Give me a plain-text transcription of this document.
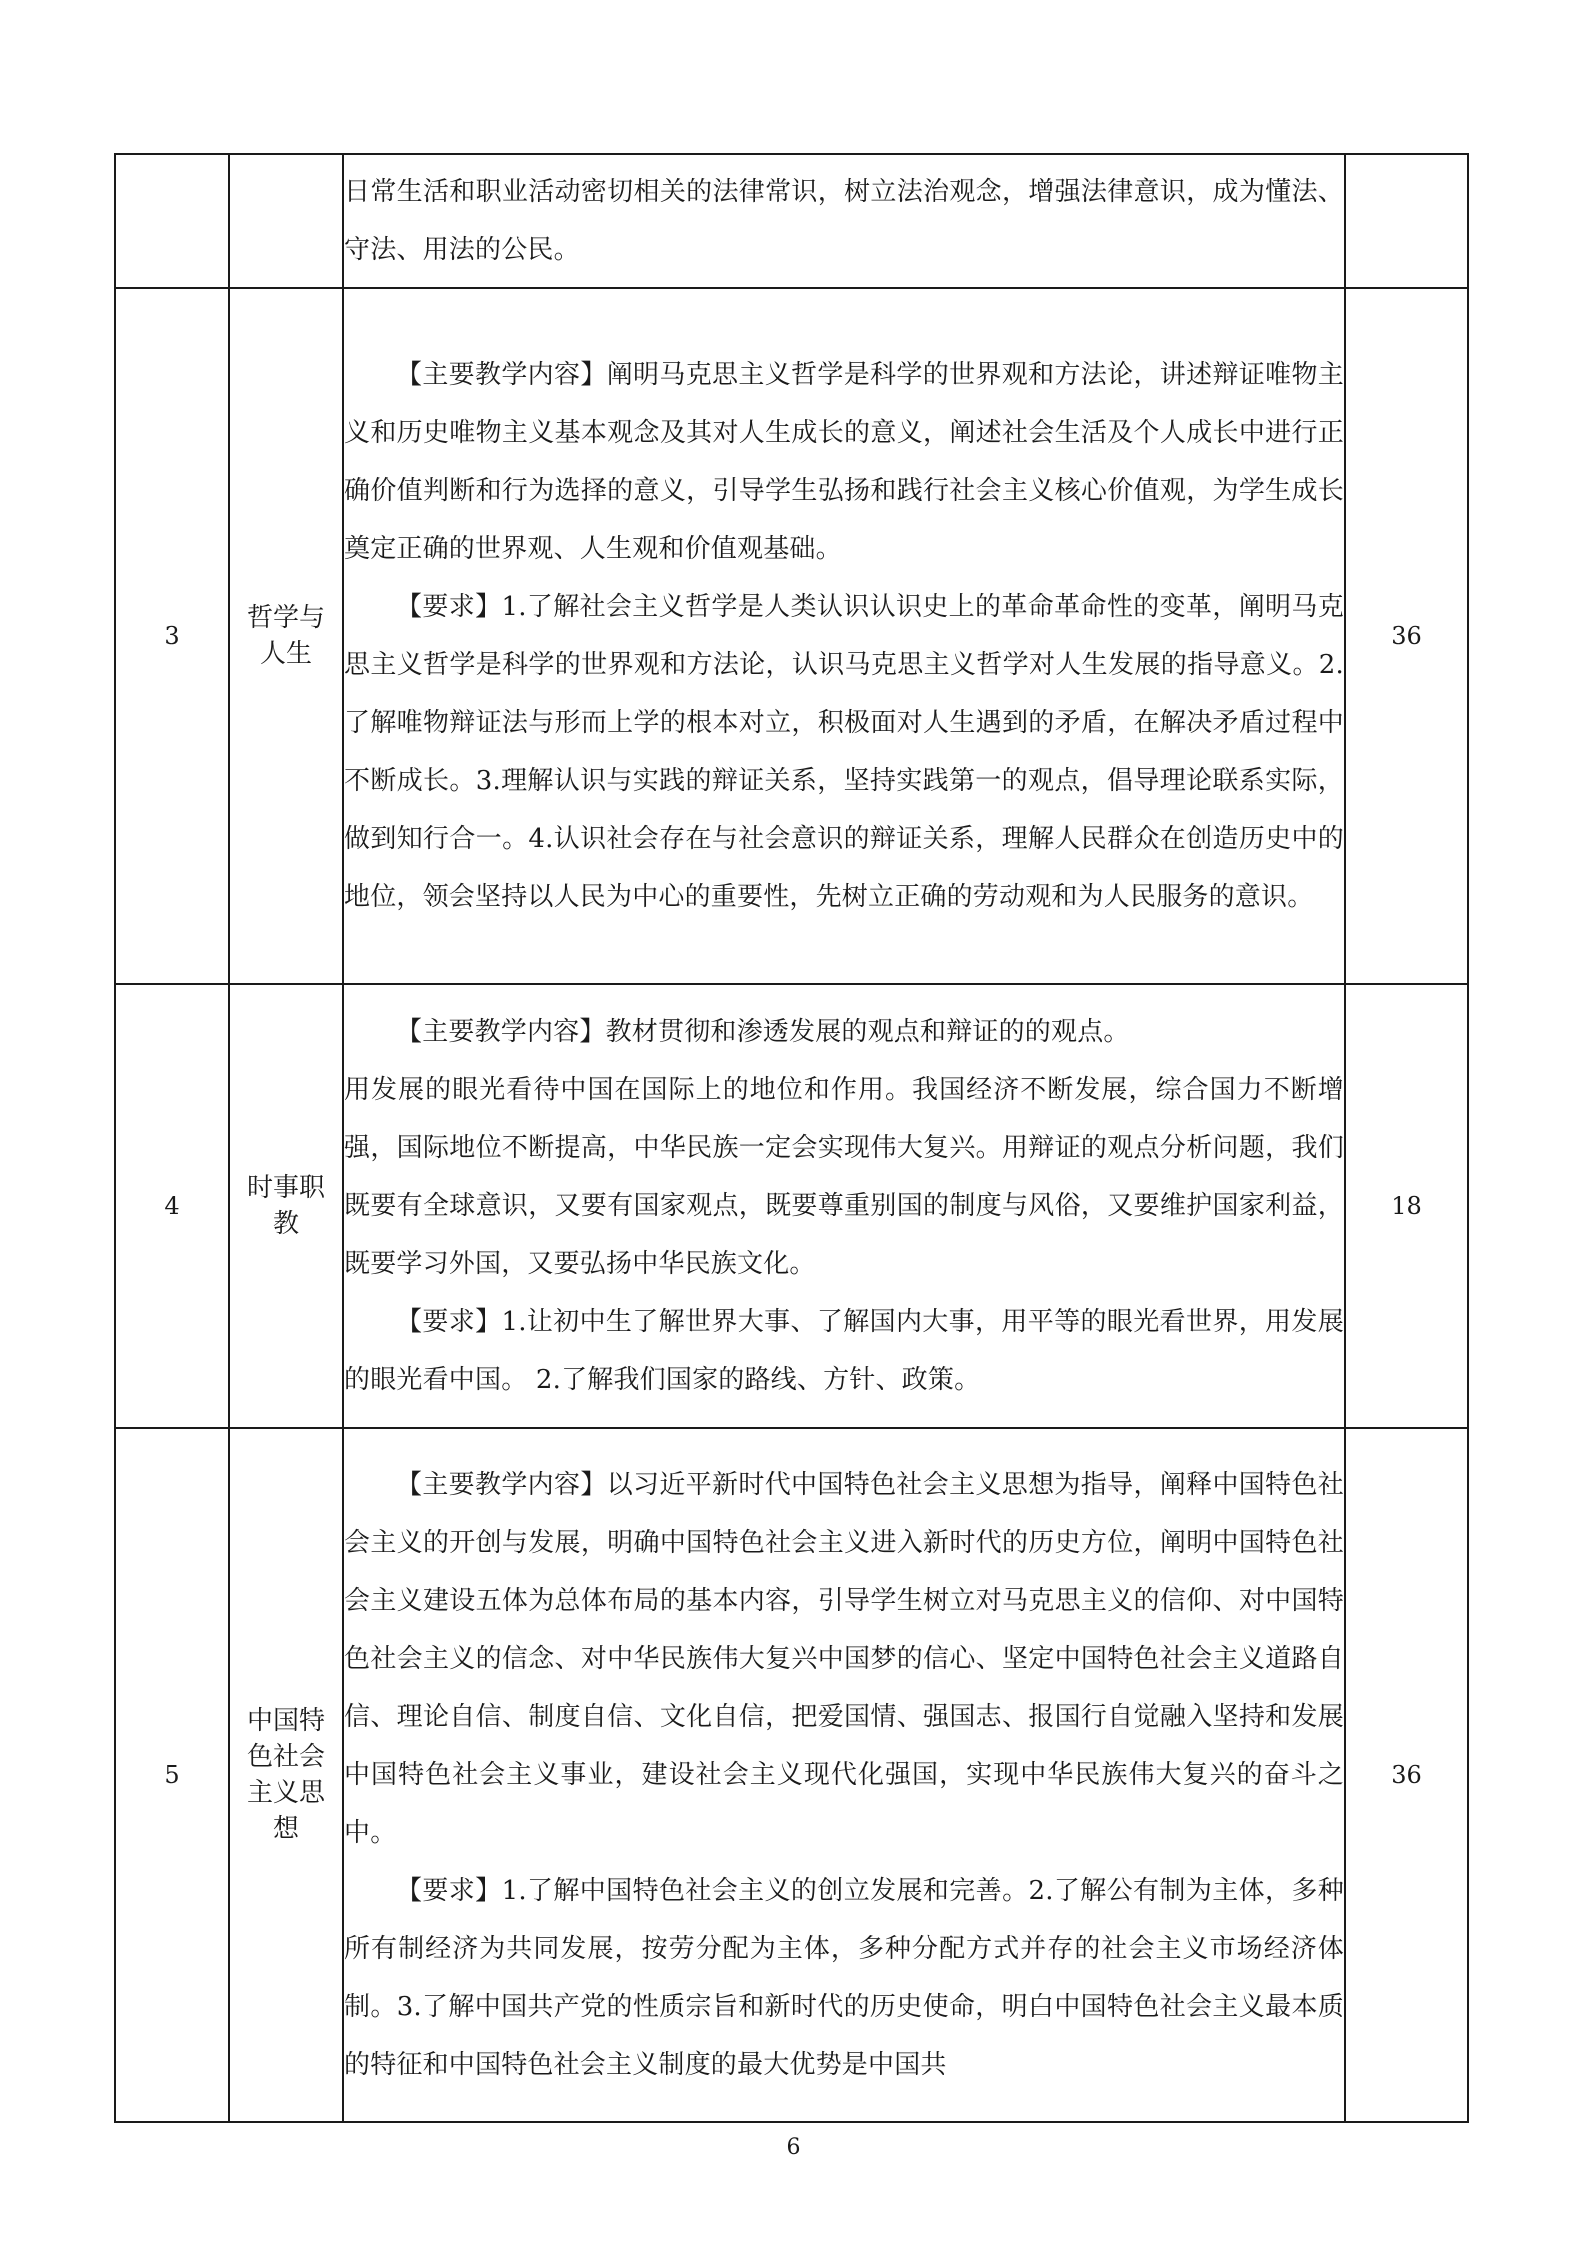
		日常生活和职业活动密切相关的法律常识，树立法治观念，增强法律意识，成为懂法、守法、用法的公民。	

3	哲学与人生	【主要教学内容】阐明马克思主义哲学是科学的世界观和方法论，讲述辩证唯物主义和历史唯物主义基本观念及其对人生成长的意义，阐述社会生活及个人成长中进行正确价值判断和行为选择的意义，引导学生弘扬和践行社会主义核心价值观，为学生成长奠定正确的世界观、人生观和价值观基础。

【要求】1.了解社会主义哲学是人类认识认识史上的革命革命性的变革，阐明马克思主义哲学是科学的世界观和方法论，认识马克思主义哲学对人生发展的指导意义。2.了解唯物辩证法与形而上学的根本对立，积极面对人生遇到的矛盾，在解决矛盾过程中不断成长。3.理解认识与实践的辩证关系，坚持实践第一的观点，倡导理论联系实际，做到知行合一。4.认识社会存在与社会意识的辩证关系，理解人民群众在创造历史中的地位，领会坚持以人民为中心的重要性，先树立正确的劳动观和为人民服务的意识。	36
4	时事职教	【主要教学内容】教材贯彻和渗透发展的观点和辩证的的观点。

用发展的眼光看待中国在国际上的地位和作用。我国经济不断发展，综合国力不断增强，国际地位不断提高，中华民族一定会实现伟大复兴。用辩证的观点分析问题，我们既要有全球意识，又要有国家观点，既要尊重别国的制度与风俗，又要维护国家利益，既要学习外国，又要弘扬中华民族文化。

【要求】1.让初中生了解世界大事、了解国内大事，用平等的眼光看世界，用发展的眼光看中国。 2.了解我们国家的路线、方针、政策。	18
5	中国特色社会主义思想	【主要教学内容】以习近平新时代中国特色社会主义思想为指导，阐释中国特色社会主义的开创与发展，明确中国特色社会主义进入新时代的历史方位，阐明中国特色社会主义建设五体为总体布局的基本内容，引导学生树立对马克思主义的信仰、对中国特色社会主义的信念、对中华民族伟大复兴中国梦的信心、坚定中国特色社会主义道路自信、理论自信、制度自信、文化自信，把爱国情、强国志、报国行自觉融入坚持和发展中国特色社会主义事业，建设社会主义现代化强国，实现中华民族伟大复兴的奋斗之中。

【要求】1.了解中国特色社会主义的创立发展和完善。2.了解公有制为主体，多种所有制经济为共同发展，按劳分配为主体，多种分配方式并存的社会主义市场经济体制。3.了解中国共产党的性质宗旨和新时代的历史使命，明白中国特色社会主义最本质的特征和中国特色社会主义制度的最大优势是中国共	36
6
